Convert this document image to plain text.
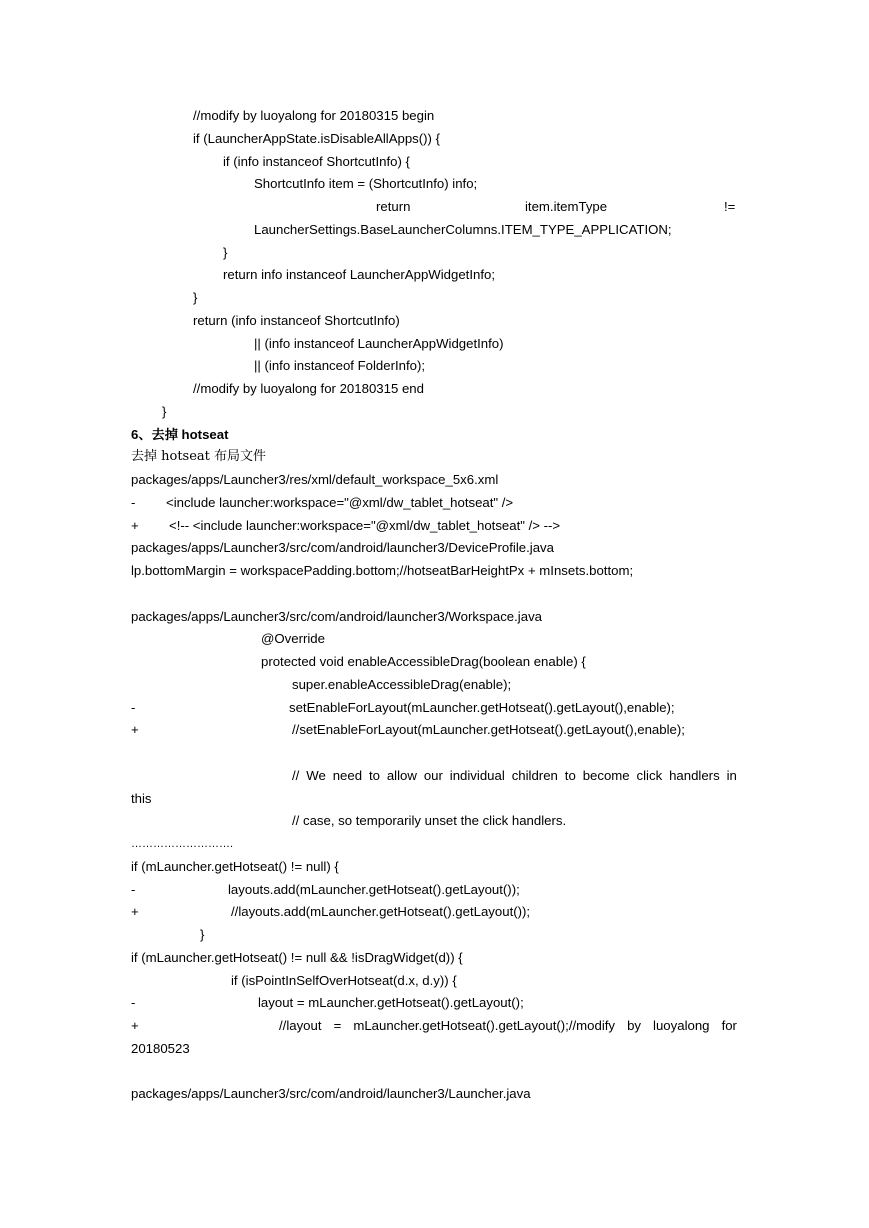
//modify by luoyalong for 20180315 begin
if (LauncherAppState.isDisableAllApps()) {
if (info instanceof ShortcutInfo) {
ShortcutInfo item = (ShortcutInfo) info;
return	item.itemType	!=
LauncherSettings.BaseLauncherColumns.ITEM_TYPE_APPLICATION;
}
return info instanceof LauncherAppWidgetInfo;
}
return (info instanceof ShortcutInfo)
|| (info instanceof LauncherAppWidgetInfo)
|| (info instanceof FolderInfo);
//modify by luoyalong for 20180315 end
}
6、去掉 hotseat
去掉 hotseat 布局文件
packages/apps/Launcher3/res/xml/default_workspace_5x6.xml
- <include launcher:workspace="@xml/dw_tablet_hotseat" />
+ <!-- <include launcher:workspace="@xml/dw_tablet_hotseat" /> -->
packages/apps/Launcher3/src/com/android/launcher3/DeviceProfile.java
lp.bottomMargin = workspacePadding.bottom;//hotseatBarHeightPx + mInsets.bottom;
packages/apps/Launcher3/src/com/android/launcher3/Workspace.java
@Override
protected void enableAccessibleDrag(boolean enable) {
super.enableAccessibleDrag(enable);
-	setEnableForLayout(mLauncher.getHotseat().getLayout(),enable);
+	//setEnableForLayout(mLauncher.getHotseat().getLayout(),enable);
// We need to allow our individual children to become click handlers in
this
// case, so temporarily unset the click handlers.
……………………….
if (mLauncher.getHotseat() != null) {
-	layouts.add(mLauncher.getHotseat().getLayout());
+	//layouts.add(mLauncher.getHotseat().getLayout());
}
if (mLauncher.getHotseat() != null && !isDragWidget(d)) {
if (isPointInSelfOverHotseat(d.x, d.y)) {
-	layout = mLauncher.getHotseat().getLayout();
+	//layout = mLauncher.getHotseat().getLayout();//modify by luoyalong for
20180523
packages/apps/Launcher3/src/com/android/launcher3/Launcher.java
